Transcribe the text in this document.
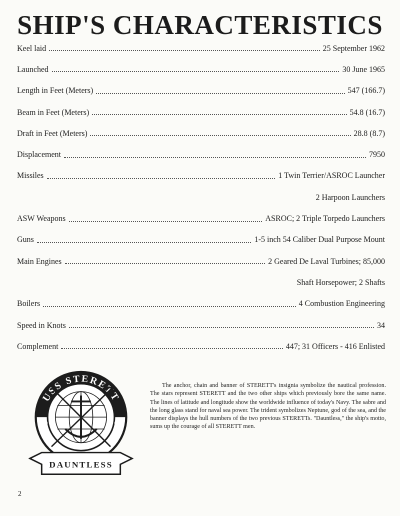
SHIP'S CHARACTERISTICS
Keel laid	25 September 1962
Launched	30 June 1965
Length in Feet (Meters)	547 (166.7)
Beam in Feet (Meters)	54.8 (16.7)
Draft in Feet (Meters)	28.8 (8.7)
Displacement	7950
Missiles	1 Twin Terrier/ASROC Launcher
2 Harpoon Launchers
ASW Weapons	ASROC; 2 Triple Torpedo Launchers
Guns	1-5 inch 54 Caliber Dual Purpose Mount
Main Engines	2 Geared De Laval Turbines; 85,000
Shaft Horsepower; 2 Shafts
Boilers	4 Combustion Engineering
Speed in Knots	34
Complement	447; 31 Officers - 416 Enlisted
USS STERETT
DAUNTLESS
The anchor, chain and banner of STERETT's insignia symbolize the nautical profession. The stars represent STERETT and the two other ships which previously bore the same name. The lines of latitude and longitude show the worldwide influence of today's Navy. The sabre and the long glass stand for naval sea power. The trident symbolizes Neptune, god of the sea, and the banner displays the hull numbers of the two previous STERETTs. "Dauntless," the ship's motto, sums up the courage of all STERETT men.
2
